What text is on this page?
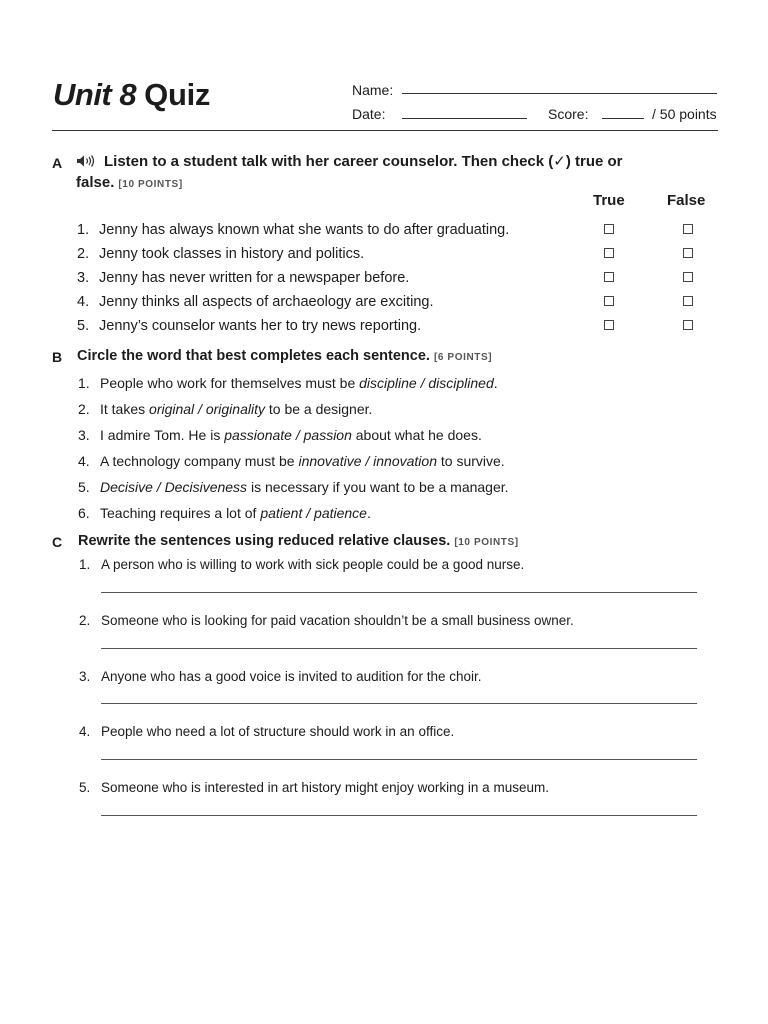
Unit 8 Quiz	Name:
Date:	Score:	/ 50 points
A	Listen to a student talk with her career counselor. Then check (✓) true or
false. [10 POINTS]
True	False
1. Jenny has always known what she wants to do after graduating.
2. Jenny took classes in history and politics.
3. Jenny has never written for a newspaper before.
4. Jenny thinks all aspects of archaeology are exciting.
5. Jenny’s counselor wants her to try news reporting.
B Circle the word that best completes each sentence. [6 POINTS]
1. People who work for themselves must be discipline / disciplined.
2. It takes original / originality to be a designer.
3. I admire Tom. He is passionate / passion about what he does.
4. A technology company must be innovative / innovation to survive.
5. Decisive / Decisiveness is necessary if you want to be a manager.
6. Teaching requires a lot of patient / patience.
C Rewrite the sentences using reduced relative clauses. [10 POINTS]
1. A person who is willing to work with sick people could be a good nurse.
2. Someone who is looking for paid vacation shouldn’t be a small business owner.
3. Anyone who has a good voice is invited to audition for the choir.
4. People who need a lot of structure should work in an office.
5. Someone who is interested in art history might enjoy working in a museum.
